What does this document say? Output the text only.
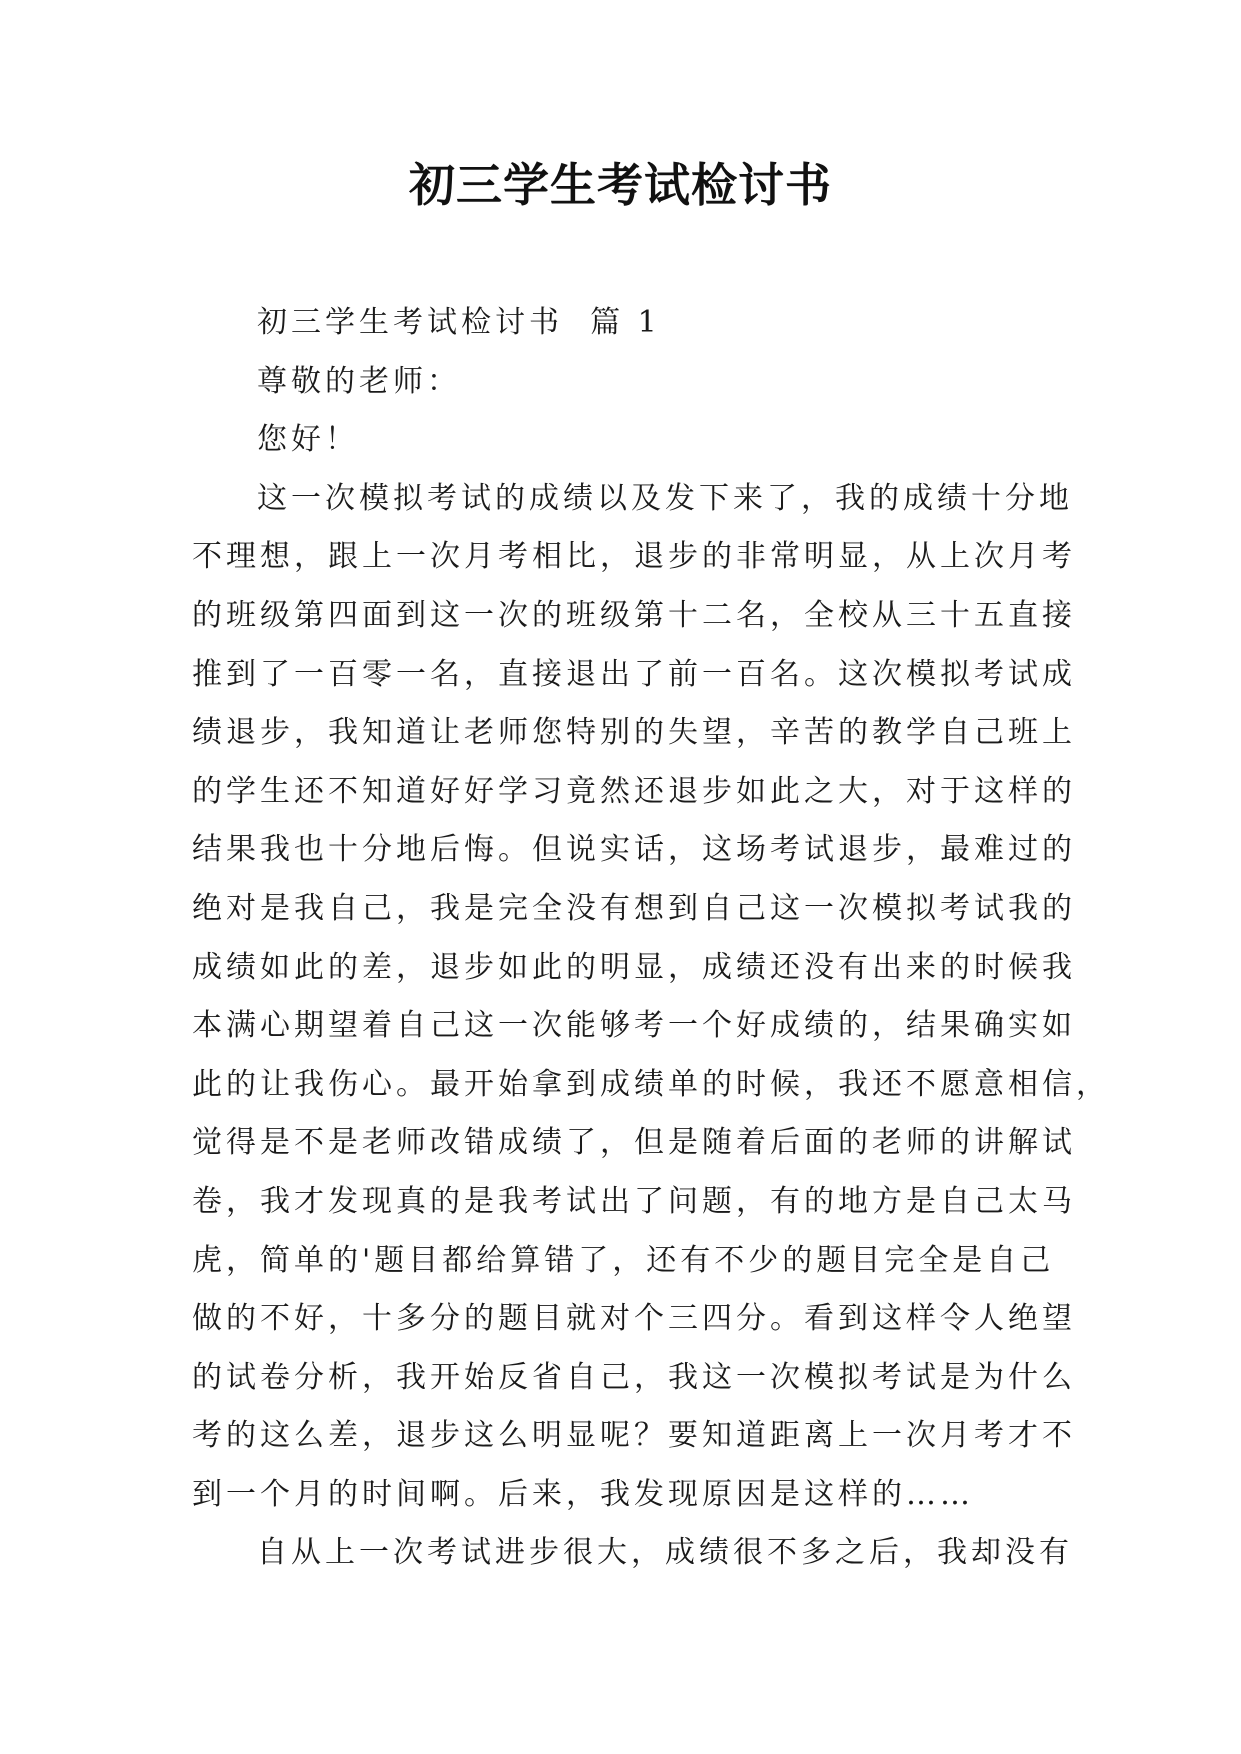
初三学生考试检讨书
初三学生考试检讨书  篇 1
尊敬的老师：
您好！
这一次模拟考试的成绩以及发下来了，我的成绩十分地
不理想，跟上一次月考相比，退步的非常明显，从上次月考
的班级第四面到这一次的班级第十二名，全校从三十五直接
推到了一百零一名，直接退出了前一百名。这次模拟考试成
绩退步，我知道让老师您特别的失望，辛苦的教学自己班上
的学生还不知道好好学习竟然还退步如此之大，对于这样的
结果我也十分地后悔。但说实话，这场考试退步，最难过的
绝对是我自己，我是完全没有想到自己这一次模拟考试我的
成绩如此的差，退步如此的明显，成绩还没有出来的时候我
本满心期望着自己这一次能够考一个好成绩的，结果确实如
此的让我伤心。最开始拿到成绩单的时候，我还不愿意相信，
觉得是不是老师改错成绩了，但是随着后面的老师的讲解试
卷，我才发现真的是我考试出了问题，有的地方是自己太马
虎，简单的'题目都给算错了，还有不少的题目完全是自己
做的不好，十多分的题目就对个三四分。看到这样令人绝望
的试卷分析，我开始反省自己，我这一次模拟考试是为什么
考的这么差，退步这么明显呢？要知道距离上一次月考才不
到一个月的时间啊。后来，我发现原因是这样的……
自从上一次考试进步很大，成绩很不多之后，我却没有
